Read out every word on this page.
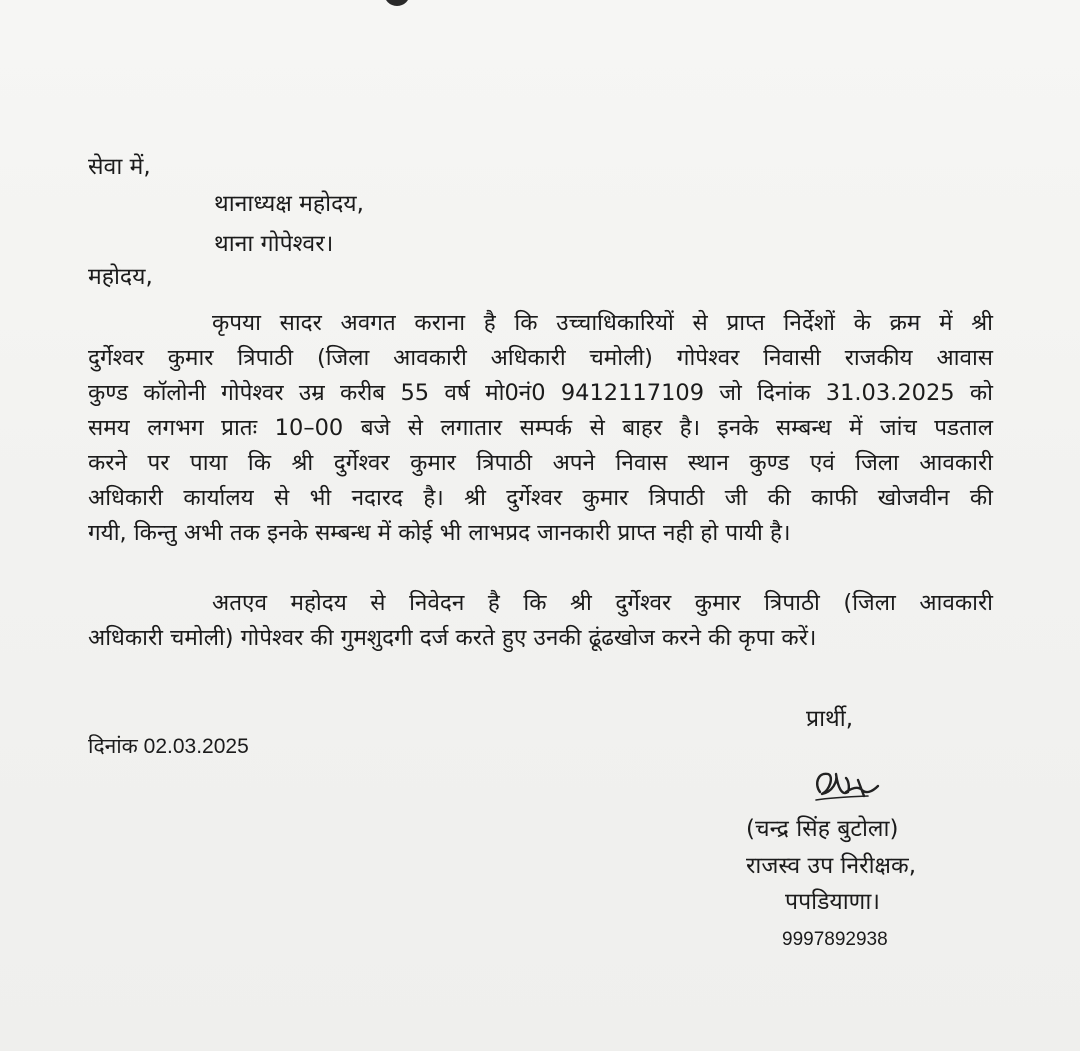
सेवा में,
थानाध्यक्ष महोदय,
थाना गोपेश्वर।
महोदय,
कृपया सादर अवगत कराना है कि उच्चाधिकारियों से प्राप्त निर्देशों के क्रम में श्री
दुर्गेश्वर कुमार त्रिपाठी (जिला आवकारी अधिकारी चमोली) गोपेश्वर निवासी राजकीय आवास
कुण्ड कॉलोनी गोपेश्वर उम्र करीब 55 वर्ष मो0नं0 9412117109 जो दिनांक 31.03.2025 को
समय लगभग प्रातः 10–00 बजे से लगातार सम्पर्क से बाहर है। इनके सम्बन्ध में जांच पडताल
करने पर पाया कि श्री दुर्गेश्वर कुमार त्रिपाठी अपने निवास स्थान कुण्ड एवं जिला आवकारी
अधिकारी कार्यालय से भी नदारद है। श्री दुर्गेश्वर कुमार त्रिपाठी जी की काफी खोजवीन की
गयी, किन्तु अभी तक इनके सम्बन्ध में कोई भी लाभप्रद जानकारी प्राप्त नही हो पायी है।
अतएव महोदय से निवेदन है कि श्री दुर्गेश्वर कुमार त्रिपाठी (जिला आवकारी
अधिकारी चमोली) गोपेश्वर की गुमशुदगी दर्ज करते हुए उनकी ढूंढखोज करने की कृपा करें।
दिनांक 02.03.2025
प्रार्थी,
(चन्द्र सिंह बुटोला)
राजस्व उप निरीक्षक,
पपडियाणा।
9997892938
